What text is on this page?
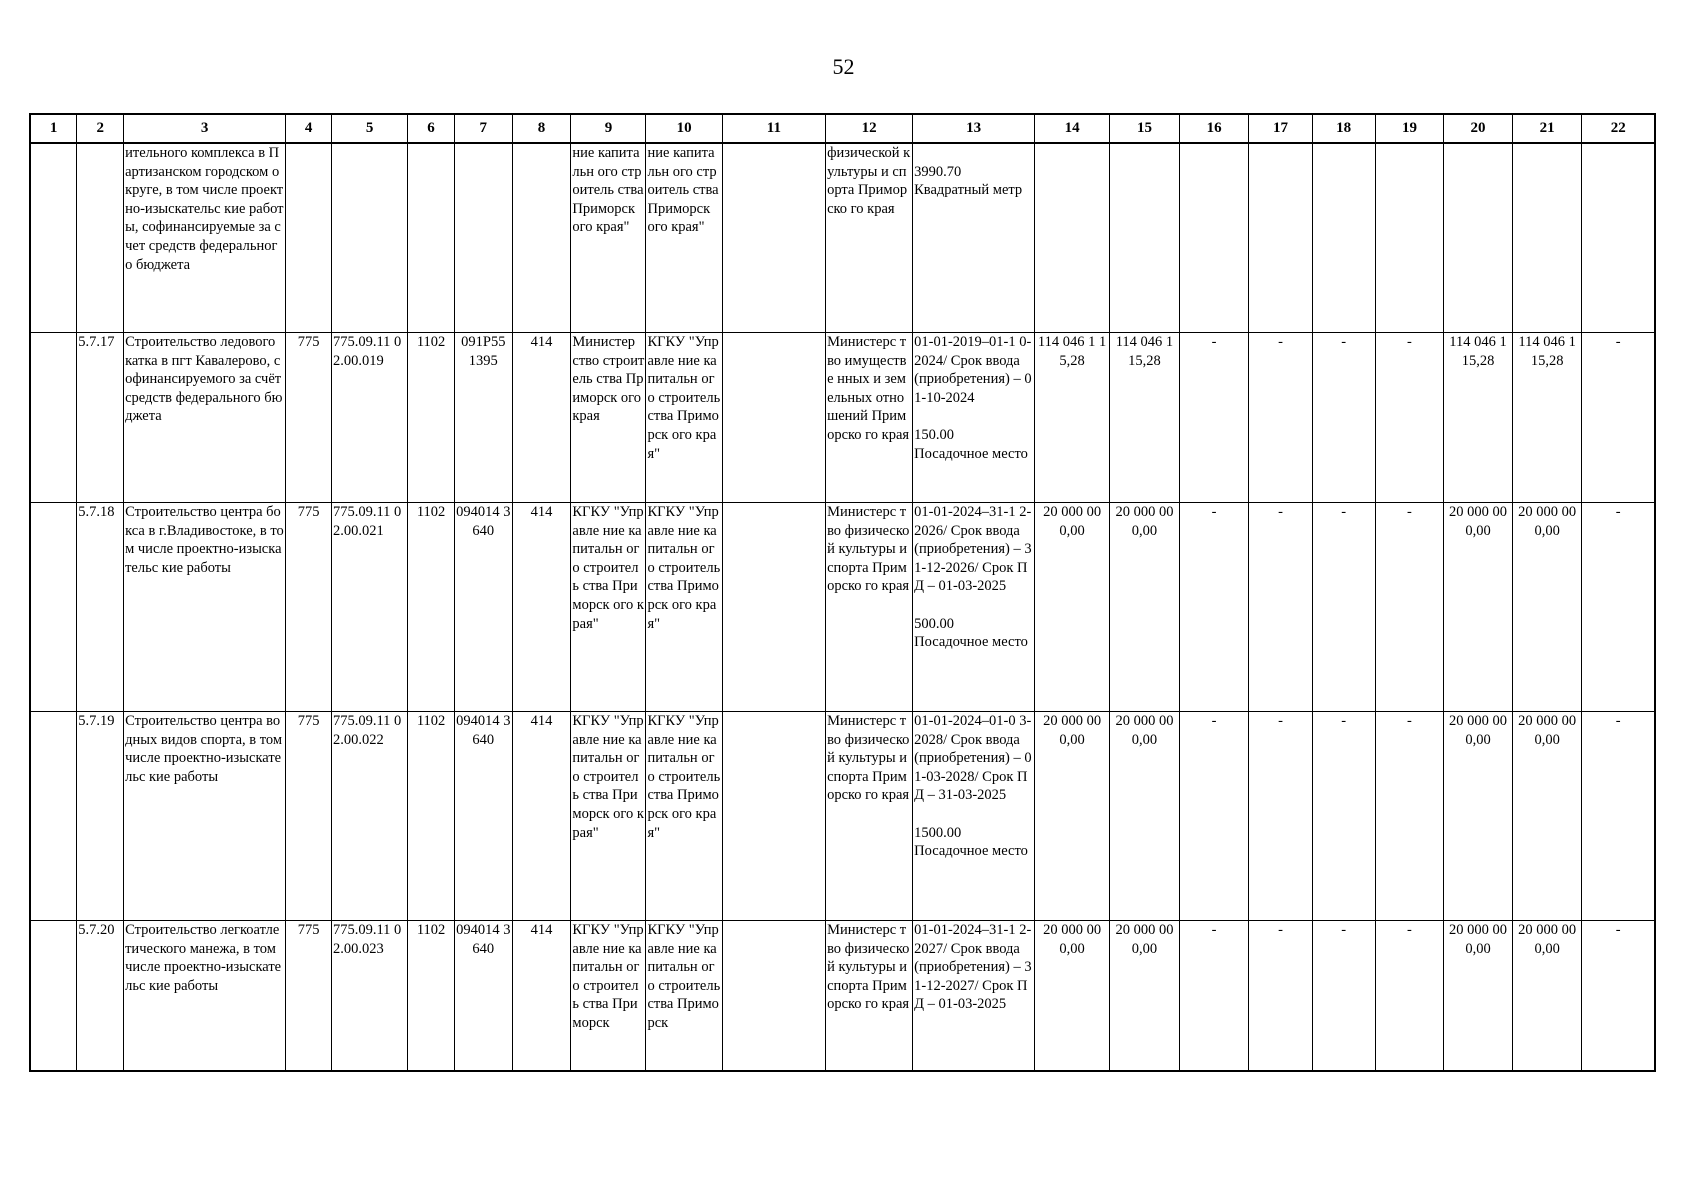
52
1	2	3	4	5	6	7	8	9	10	11	12	13	14	15	16	17	18	19	20	21	22
		ительного комплекса в Партизанском городском округе, в том числе проектно-изыскательс кие работы, софинансируемые за счет средств федерального бюджета						ние капитальн ого строитель ства Приморск ого края"	ние капитальн ого строитель ства Приморск ого края"		физической культуры и спорта Приморско го края	
3990.70
Квадратный метр									
	5.7.17	Строительство ледового катка в пгт Кавалерово, софинансируемого за счёт средств федерального бюджета	775	775.09.11 02.00.019	1102	091P55 1395	414	Министер ство строитель ства Приморск ого края	КГКУ "Управле ние капитальн ого строитель ства Приморск ого края"		Министерс тво имуществе нных и земельных отношений Приморско го края	01-01-2019–01-1 0-2024/ Срок ввода (приобретения) – 01-10-2024

150.00
Посадочное место	114 046 1 15,28	114 046 1 15,28	-	-	-	-	114 046 1 15,28	114 046 1 15,28	-
	5.7.18	Строительство центра бокса в г.Владивостоке, в том числе проектно-изыскательс кие работы	775	775.09.11 02.00.021	1102	094014 3640	414	КГКУ "Управле ние капитальн ого строитель ства Приморск ого края"	КГКУ "Управле ние капитальн ого строитель ства Приморск ого края"		Министерс тво физической культуры и спорта Приморско го края	01-01-2024–31-1 2-2026/ Срок ввода (приобретения) – 31-12-2026/ Срок ПД – 01-03-2025

500.00
Посадочное место	20 000 00 0,00	20 000 00 0,00	-	-	-	-	20 000 00 0,00	20 000 00 0,00	-
	5.7.19	Строительство центра водных видов спорта, в том числе проектно-изыскательс кие работы	775	775.09.11 02.00.022	1102	094014 3640	414	КГКУ "Управле ние капитальн ого строитель ства Приморск ого края"	КГКУ "Управле ние капитальн ого строитель ства Приморск ого края"		Министерс тво физической культуры и спорта Приморско го края	01-01-2024–01-0 3-2028/ Срок ввода (приобретения) – 01-03-2028/ Срок ПД – 31-03-2025

1500.00
Посадочное место	20 000 00 0,00	20 000 00 0,00	-	-	-	-	20 000 00 0,00	20 000 00 0,00	-
	5.7.20	Строительство легкоатлетического манежа, в том числе проектно-изыскательс кие работы	775	775.09.11 02.00.023	1102	094014 3640	414	КГКУ "Управле ние капитальн ого строитель ства Приморск	КГКУ "Управле ние капитальн ого строитель ства Приморск		Министерс тво физической культуры и спорта Приморско го края	01-01-2024–31-1 2-2027/ Срок ввода (приобретения) – 31-12-2027/ Срок ПД – 01-03-2025	20 000 00 0,00	20 000 00 0,00	-	-	-	-	20 000 00 0,00	20 000 00 0,00	-
